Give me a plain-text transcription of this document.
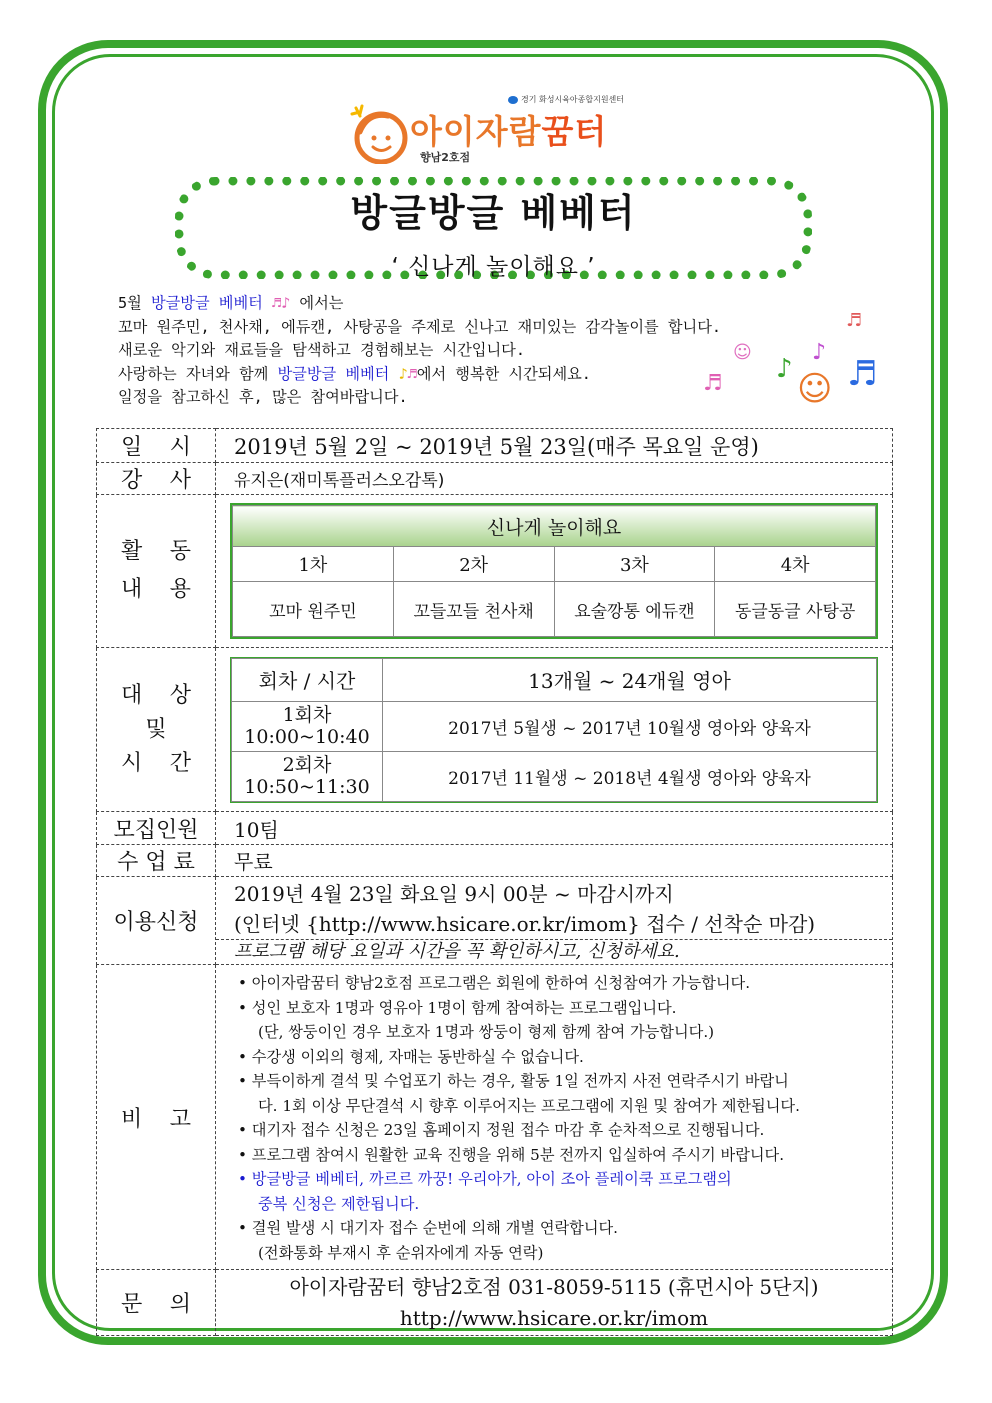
경기 화성시육아종합지원센터
아이자람꿈터
향남2호점
방글방글 베베터
‘ 신나게 놀이해요 ’
5월 방글방글 베베터 ♬♪ 에서는
꼬마 원주민, 천사채, 에듀캔, 사탕공을 주제로 신나고 재미있는 감각놀이를 합니다.
새로운 악기와 재료들을 탐색하고 경험해보는 시간입니다.
사랑하는 자녀와 함께 방글방글 베베터 ♪♬에서 행복한 시간되세요.
일정을 참고하신 후, 많은 참여바랍니다.
♬
☺	♪
♬ ♪ ☺ ♬
일 시	2019년 5월 2일 ~ 2019년 5월 23일(매주 목요일 운영)

강 사	유지은(재미톡플러스오감톡)

활 동
내 용

신나게 놀이해요
1차	2차	3차	4차
꼬마 원주민	꼬들꼬들 천사채	요술깡통 에듀캔	동글동글 사탕공

대 상
및
시 간

회차 / 시간	13개월 ~ 24개월 영아

1회차
10:00~10:40	2017년 5월생 ~ 2017년 10월생 영아와 양육자

2회차
10:50~11:30	2017년 11월생 ~ 2018년 4월생 영아와 양육자

모집인원	10팀
수 업 료	무료
이용신청	
2019년 4월 23일 화요일 9시 00분 ~ 마감시까지
(인터넷 {http://www.hsicare.or.kr/imom} 접수 / 선착순 마감)
프로그램 해당 요일과 시간을 꼭 확인하시고, 신청하세요.

비 고

• 아이자람꿈터 향남2호점 프로그램은 회원에 한하여 신청참여가 가능합니다.
• 성인 보호자 1명과 영유아 1명이 함께 참여하는 프로그램입니다.
(단, 쌍둥이인 경우 보호자 1명과 쌍둥이 형제 함께 참여 가능합니다.)
• 수강생 이외의 형제, 자매는 동반하실 수 없습니다.
• 부득이하게 결석 및 수업포기 하는 경우, 활동 1일 전까지 사전 연락주시기 바랍니
다. 1회 이상 무단결석 시 향후 이루어지는 프로그램에 지원 및 참여가 제한됩니다.
• 대기자 접수 신청은 23일 홈페이지 정원 접수 마감 후 순차적으로 진행됩니다.
• 프로그램 참여시 원활한 교육 진행을 위해 5분 전까지 입실하여 주시기 바랍니다.
• 방글방글 베베터, 까르르 까꿍! 우리아가, 아이 조아 플레이쿡 프로그램의
중복 신청은 제한됩니다.
• 결원 발생 시 대기자 접수 순번에 의해 개별 연락합니다.
(전화통화 부재시 후 순위자에게 자동 연락)

문 의

아이자람꿈터 향남2호점 031-8059-5115 (휴먼시아 5단지)
http://www.hsicare.or.kr/imom
